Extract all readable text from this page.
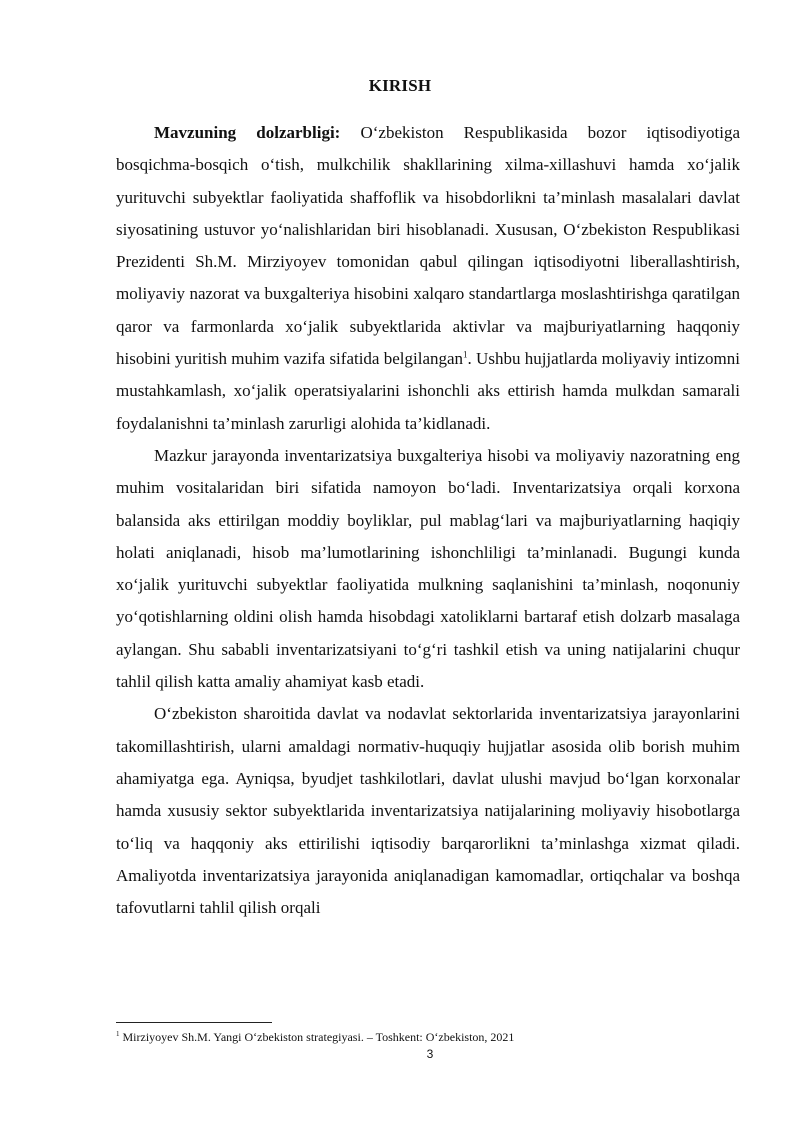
KIRISH

Mavzuning dolzarbligi: O‘zbekiston Respublikasida bozor iqtisodiyotiga bosqichma-bosqich o‘tish, mulkchilik shakllarining xilma-xillashuvi hamda xo‘jalik yurituvchi subyektlar faoliyatida shaffoflik va hisobdorlikni ta’minlash masalalari davlat siyosatining ustuvor yo‘nalishlaridan biri hisoblanadi. Xususan, O‘zbekiston Respublikasi Prezidenti Sh.M. Mirziyoyev tomonidan qabul qilingan iqtisodiyotni liberallashtirish, moliyaviy nazorat va buxgalteriya hisobini xalqaro standartlarga moslashtirishga qaratilgan qaror va farmonlarda xo‘jalik subyektlarida aktivlar va majburiyatlarning haqqoniy hisobini yuritish muhim vazifa sifatida belgilangan$^1$. Ushbu hujjatlarda moliyaviy intizomni mustahkamlash, xo‘jalik operatsiyalarini ishonchli aks ettirish hamda mulkdan samarali foydalanishni ta’minlash zarurligi alohida ta’kidlanadi.

Mazkur jarayonda inventarizatsiya buxgalteriya hisobi va moliyaviy nazoratning eng muhim vositalaridan biri sifatida namoyon bo‘ladi. Inventarizatsiya orqali korxona balansida aks ettirilgan moddiy boyliklar, pul mablag‘lari va majburiyatlarning haqiqiy holati aniqlanadi, hisob ma’lumotlarining ishonchliligi ta’minlanadi. Bugungi kunda xo‘jalik yurituvchi subyektlar faoliyatida mulkning saqlanishini ta’minlash, noqonuniy yo‘qotishlarning oldini olish hamda hisobdagi xatoliklarni bartaraf etish dolzarb masalaga aylangan. Shu sababli inventarizatsiyani to‘g‘ri tashkil etish va uning natijalarini chuqur tahlil qilish katta amaliy ahamiyat kasb etadi.

O‘zbekiston sharoitida davlat va nodavlat sektorlarida inventarizatsiya jarayonlarini takomillashtirish, ularni amaldagi normativ-huquqiy hujjatlar asosida olib borish muhim ahamiyatga ega. Ayniqsa, byudjet tashkilotlari, davlat ulushi mavjud bo‘lgan korxonalar hamda xususiy sektor subyektlarida inventarizatsiya natijalarining moliyaviy hisobotlarga to‘liq va haqqoniy aks ettirilishi iqtisodiy barqarorlikni ta’minlashga xizmat qiladi. Amaliyotda inventarizatsiya jarayonida aniqlanadigan kamomadlar, ortiqchalar va boshqa tafovutlarni tahlil qilish orqali

$^1$ Mirziyoyev Sh.M. Yangi O‘zbekiston strategiyasi. – Toshkent: O‘zbekiston, 2021
3
